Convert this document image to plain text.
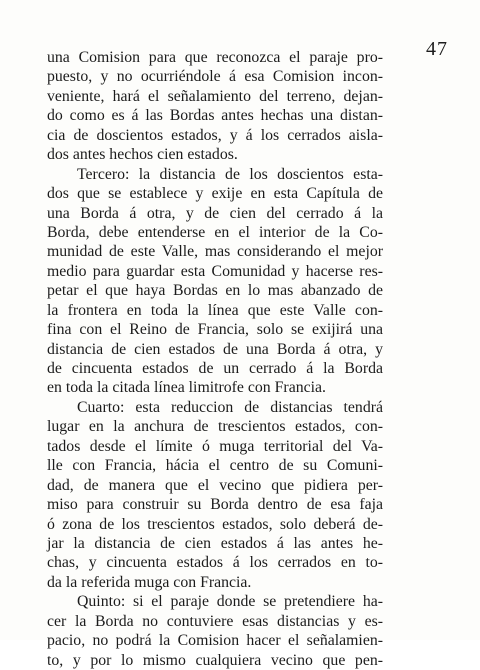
47
una Comision para que reconozca el paraje pro-
puesto, y no ocurriéndole á esa Comision incon-
veniente, hará el señalamiento del terreno, dejan-
do como es á las Bordas antes hechas una distan-
cia de doscientos estados, y á los cerrados aisla-
dos antes hechos cien estados.
Tercero: la distancia de los doscientos esta-
dos que se establece y exije en esta Capítula de
una Borda á otra, y de cien del cerrado á la
Borda, debe entenderse en el interior de la Co-
munidad de este Valle, mas considerando el mejor
medio para guardar esta Comunidad y hacerse res-
petar el que haya Bordas en lo mas abanzado de
la frontera en toda la línea que este Valle con-
fina con el Reino de Francia, solo se exijirá una
distancia de cien estados de una Borda á otra, y
de cincuenta estados de un cerrado á la Borda
en toda la citada línea limitrofe con Francia.
Cuarto: esta reduccion de distancias tendrá
lugar en la anchura de trescientos estados, con-
tados desde el límite ó muga territorial del Va-
lle con Francia, hácia el centro de su Comuni-
dad, de manera que el vecino que pidiera per-
miso para construir su Borda dentro de esa faja
ó zona de los trescientos estados, solo deberá de-
jar la distancia de cien estados á las antes he-
chas, y cincuenta estados á los cerrados en to-
da la referida muga con Francia.
Quinto: si el paraje donde se pretendiere ha-
cer la Borda no contuviere esas distancias y es-
pacio, no podrá la Comision hacer el señalamien-
to, y por lo mismo cualquiera vecino que pen-
